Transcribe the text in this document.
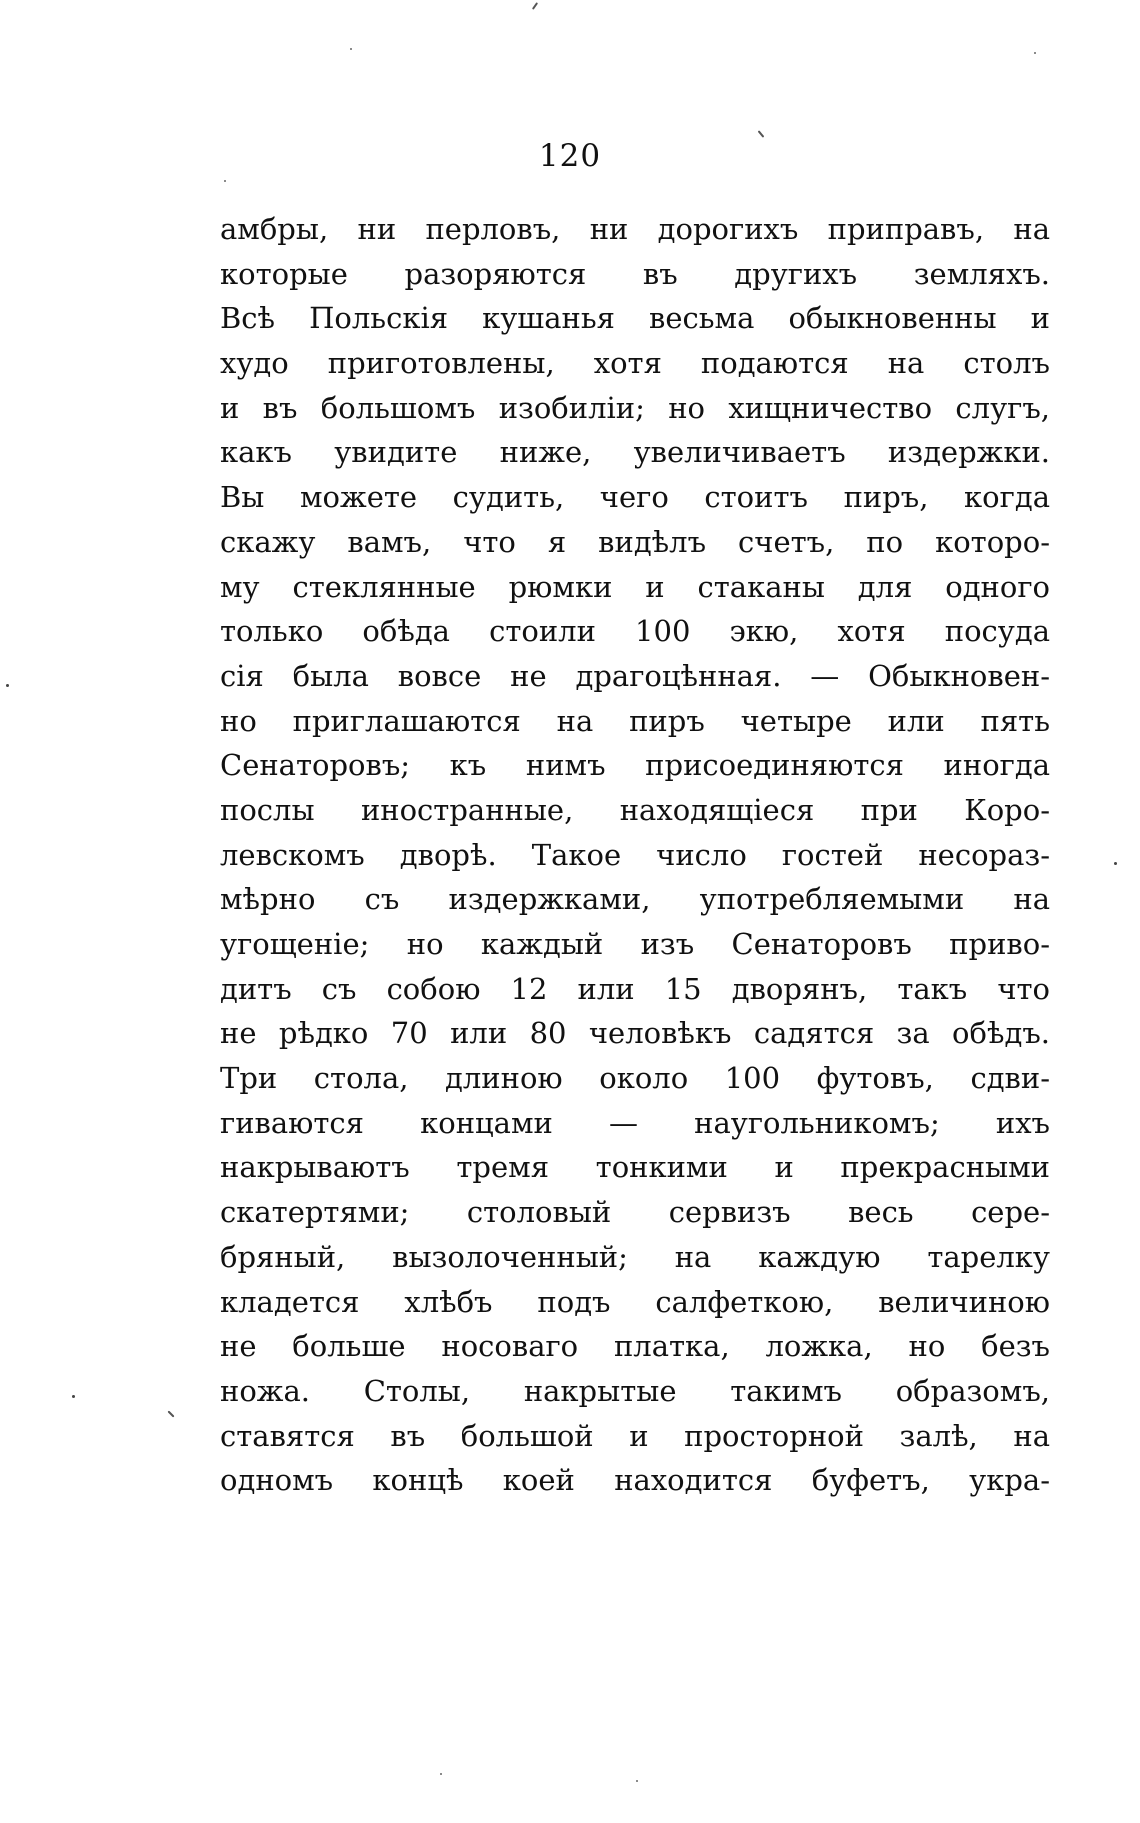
120
амбры, ни перловъ, ни дорогихъ приправъ, на
которые разоряются въ другихъ земляхъ.
Всѣ Польскія кушанья весьма обыкновенны и
худо приготовлены, хотя подаются на столъ
и въ большомъ изобиліи; но хищничество слугъ,
какъ увидите ниже, увеличиваетъ издержки.
Вы можете судить, чего стоитъ пиръ, когда
скажу вамъ, что я видѣлъ счетъ, по которо-
му стеклянные рюмки и стаканы для одного
только обѣда стоили 100 экю, хотя посуда
сія была вовсе не драгоцѣнная. — Обыкновен-
но приглашаются на пиръ четыре или пять
Сенаторовъ; къ нимъ присоединяются иногда
послы иностранные, находящіеся при Коро-
левскомъ дворѣ. Такое число гостей несораз-
мѣрно съ издержками, употребляемыми на
угощеніе; но каждый изъ Сенаторовъ приво-
дитъ съ собою 12 или 15 дворянъ, такъ что
не рѣдко 70 или 80 человѣкъ садятся за обѣдъ.
Три стола, длиною около 100 футовъ, сдви-
гиваются концами — наугольникомъ; ихъ
накрываютъ тремя тонкими и прекрасными
скатертями; столовый сервизъ весь сере-
бряный, вызолоченный; на каждую тарелку
кладется хлѣбъ подъ салфеткою, величиною
не больше носоваго платка, ложка, но безъ
ножа. Столы, накрытые такимъ образомъ,
ставятся въ большой и просторной залѣ, на
одномъ концѣ коей находится буфетъ, укра-
